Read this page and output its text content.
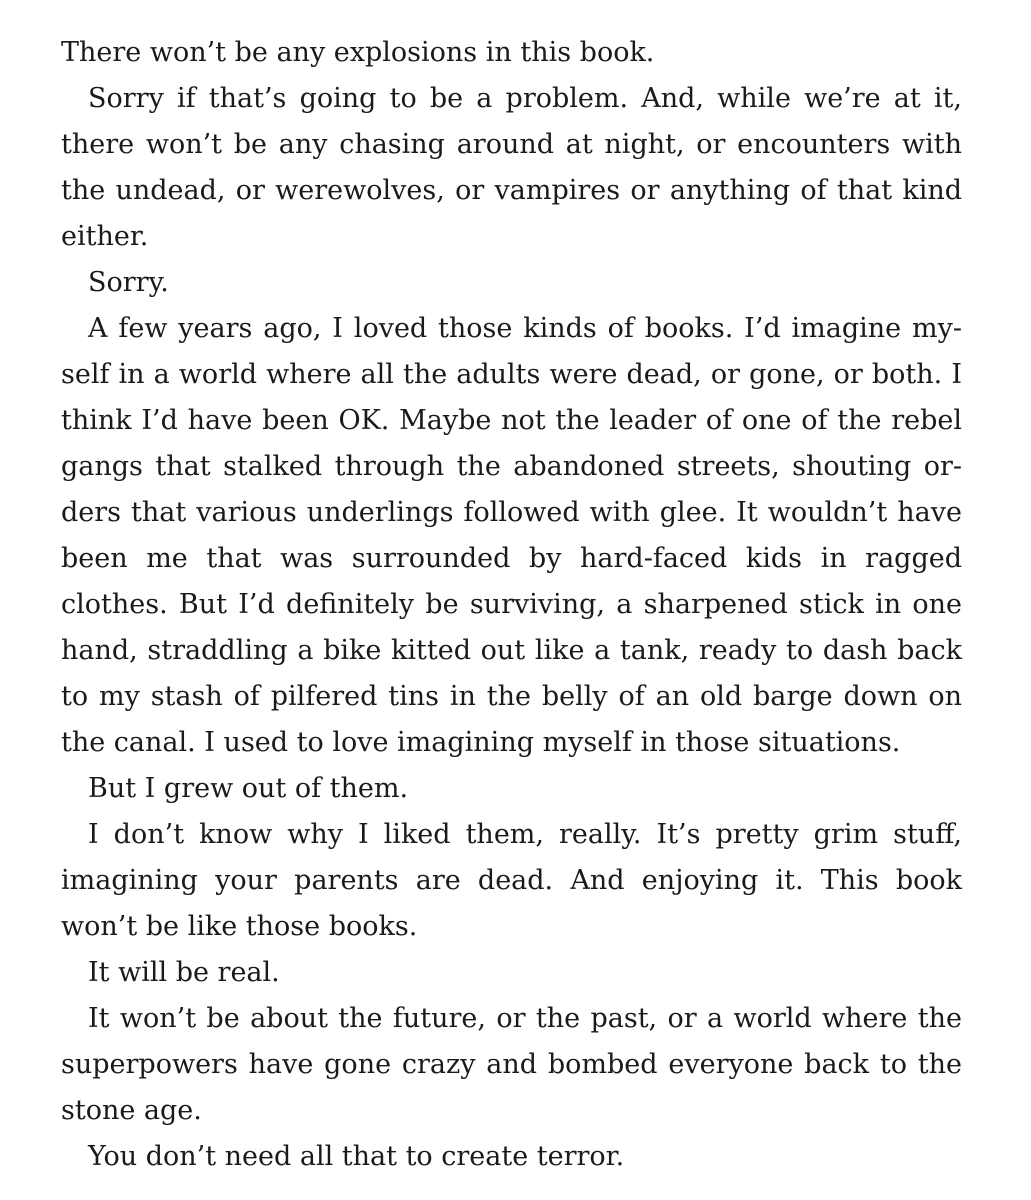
There won’t be any explosions in this book.

Sorry if that’s going to be a problem. And, while we’re at it, there won’t be any chasing around at night, or encounters with the undead, or werewolves, or vampires or anything of that kind either.

Sorry.

A few years ago, I loved those kinds of books. I’d imagine myself in a world where all the adults were dead, or gone, or both. I think I’d have been OK. Maybe not the leader of one of the rebel gangs that stalked through the abandoned streets, shouting orders that various underlings followed with glee. It wouldn’t have been me that was surrounded by hard-faced kids in ragged clothes. But I’d definitely be surviving, a sharpened stick in one hand, straddling a bike kitted out like a tank, ready to dash back to my stash of pilfered tins in the belly of an old barge down on the canal. I used to love imagining myself in those situations.

But I grew out of them.

I don’t know why I liked them, really. It’s pretty grim stuff, imagining your parents are dead. And enjoying it. This book won’t be like those books.

It will be real.

It won’t be about the future, or the past, or a world where the superpowers have gone crazy and bombed everyone back to the stone age.

You don’t need all that to create terror.
